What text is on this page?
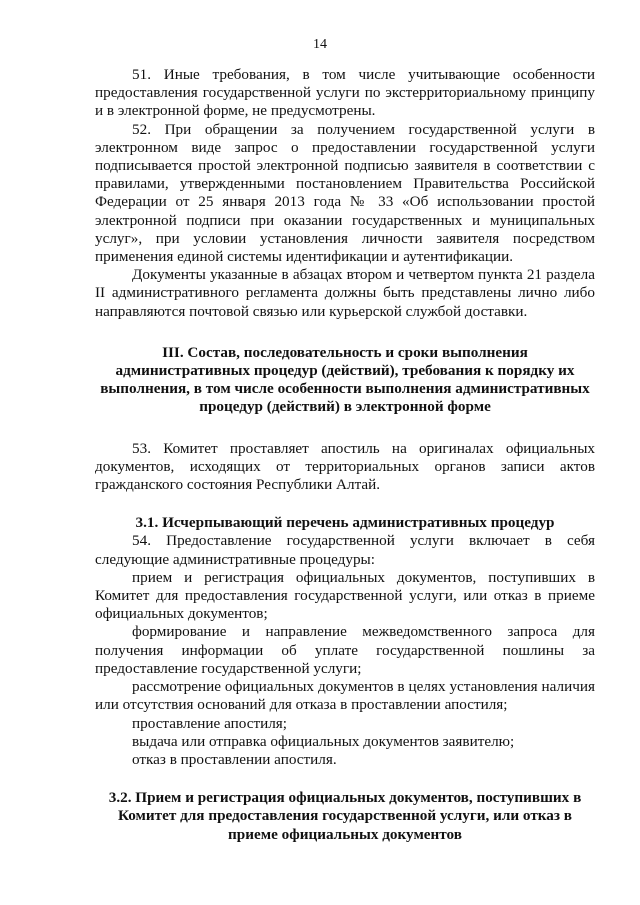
14

51. Иные требования, в том числе учитывающие особенности предоставления государственной услуги по экстерриториальному принципу и в электронной форме, не предусмотрены.

52. При обращении за получением государственной услуги в электронном виде запрос о предоставлении государственной услуги подписывается простой электронной подписью заявителя в соответствии с правилами, утвержденными постановлением Правительства Российской Федерации от 25 января 2013 года № 33 «Об использовании простой электронной подписи при оказании государственных и муниципальных услуг», при условии установления личности заявителя посредством применения единой системы идентификации и аутентификации.

Документы указанные в абзацах втором и четвертом пункта 21 раздела II административного регламента должны быть представлены лично либо направляются почтовой связью или курьерской службой доставки.

III. Состав, последовательность и сроки выполнения административных процедур (действий), требования к порядку их выполнения, в том числе особенности выполнения административных процедур (действий) в электронной форме

53. Комитет проставляет апостиль на оригиналах официальных документов, исходящих от территориальных органов записи актов гражданского состояния Республики Алтай.

3.1. Исчерпывающий перечень административных процедур

54. Предоставление государственной услуги включает в себя следующие административные процедуры:

прием и регистрация официальных документов, поступивших в Комитет для предоставления государственной услуги, или отказ в приеме официальных документов;

формирование и направление межведомственного запроса для получения информации об уплате государственной пошлины за предоставление государственной услуги;

рассмотрение официальных документов в целях установления наличия или отсутствия оснований для отказа в проставлении апостиля;

проставление апостиля;

выдача или отправка официальных документов заявителю;

отказ в проставлении апостиля.

3.2. Прием и регистрация официальных документов, поступивших в Комитет для предоставления государственной услуги, или отказ в приеме официальных документов
